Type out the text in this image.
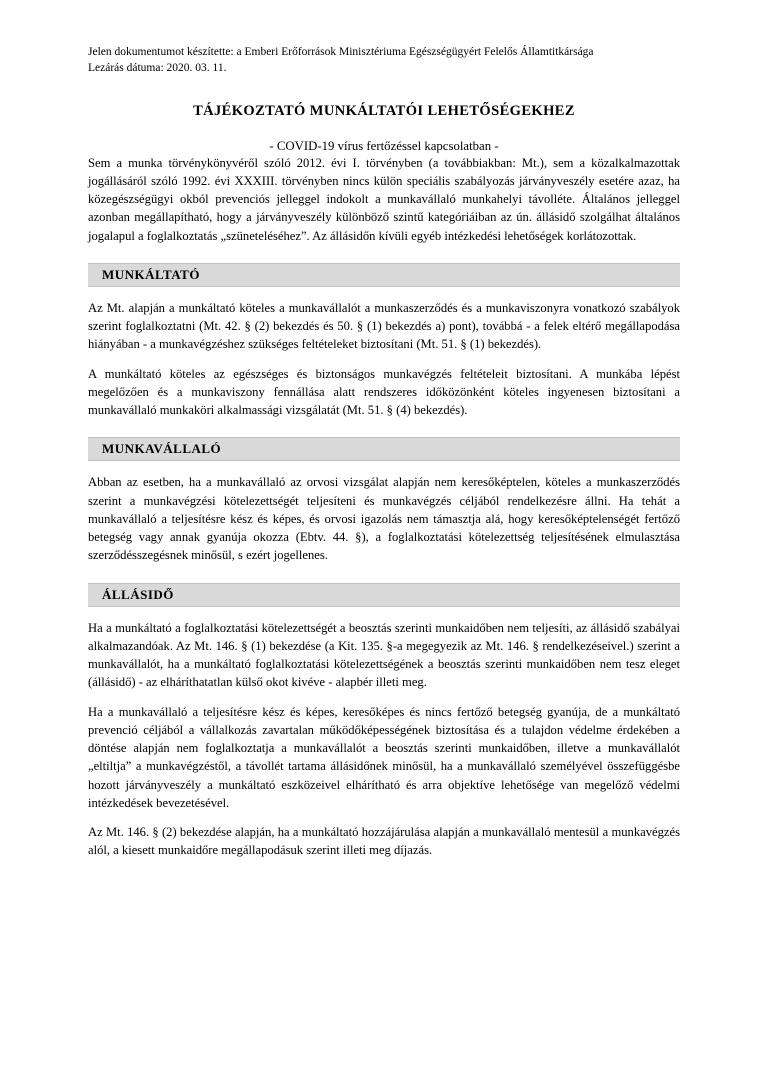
Jelen dokumentumot készítette: a Emberi Erőforrások Minisztériuma Egészségügyért Felelős Államtitkársága
Lezárás dátuma: 2020. 03. 11.
TÁJÉKOZTATÓ MUNKÁLTATÓI LEHETŐSÉGEKHEZ
- COVID-19 vírus fertőzéssel kapcsolatban -

Sem a munka törvénykönyvéről szóló 2012. évi I. törvényben (a továbbiakban: Mt.), sem a közalkalmazottak jogállásáról szóló 1992. évi XXXIII. törvényben nincs külön speciális szabályozás járványveszély esetére azaz, ha közegészségügyi okból prevenciós jelleggel indokolt a munkavállaló munkahelyi távolléte. Általános jelleggel azonban megállapítható, hogy a járványveszély különböző szintű kategóriáiban az ún. állásidő szolgálhat általános jogalapul a foglalkoztatás „szüneteléséhez”. Az állásidőn kívüli egyéb intézkedési lehetőségek korlátozottak.

MUNKÁLTATÓ

Az Mt. alapján a munkáltató köteles a munkavállalót a munkaszerződés és a munkaviszonyra vonatkozó szabályok szerint foglalkoztatni (Mt. 42. § (2) bekezdés és 50. § (1) bekezdés a) pont), továbbá - a felek eltérő megállapodása hiányában - a munkavégzéshez szükséges feltételeket biztosítani (Mt. 51. § (1) bekezdés).

A munkáltató köteles az egészséges és biztonságos munkavégzés feltételeit biztosítani. A munkába lépést megelőzően és a munkaviszony fennállása alatt rendszeres időközönként köteles ingyenesen biztosítani a munkavállaló munkaköri alkalmassági vizsgálatát (Mt. 51. § (4) bekezdés).

MUNKAVÁLLALÓ

Abban az esetben, ha a munkavállaló az orvosi vizsgálat alapján nem keresőképtelen, köteles a munkaszerződés szerint a munkavégzési kötelezettségét teljesíteni és munkavégzés céljából rendelkezésre állni. Ha tehát a munkavállaló a teljesítésre kész és képes, és orvosi igazolás nem támasztja alá, hogy keresőképtelenségét fertőző betegség vagy annak gyanúja okozza (Ebtv. 44. §), a foglalkoztatási kötelezettség teljesítésének elmulasztása szerződésszegésnek minősül, s ezért jogellenes.

ÁLLÁSIDŐ

Ha a munkáltató a foglalkoztatási kötelezettségét a beosztás szerinti munkaidőben nem teljesíti, az állásidő szabályai alkalmazandóak. Az Mt. 146. § (1) bekezdése (a Kit. 135. §-a megegyezik az Mt. 146. § rendelkezéseivel.) szerint a munkavállalót, ha a munkáltató foglalkoztatási kötelezettségének a beosztás szerinti munkaidőben nem tesz eleget (állásidő) - az elháríthatatlan külső okot kivéve - alapbér illeti meg.

Ha a munkavállaló a teljesítésre kész és képes, keresőképes és nincs fertőző betegség gyanúja, de a munkáltató prevenció céljából a vállalkozás zavartalan működőképességének biztosítása és a tulajdon védelme érdekében a döntése alapján nem foglalkoztatja a munkavállalót a beosztás szerinti munkaidőben, illetve a munkavállalót „eltiltja” a munkavégzéstől, a távollét tartama állásidőnek minősül, ha a munkavállaló személyével összefüggésbe hozott járványveszély a munkáltató eszközeivel elhárítható és arra objektíve lehetősége van megelőző védelmi intézkedések bevezetésével.

Az Mt. 146. § (2) bekezdése alapján, ha a munkáltató hozzájárulása alapján a munkavállaló mentesül a munkavégzés alól, a kiesett munkaidőre megállapodásuk szerint illeti meg díjazás.
